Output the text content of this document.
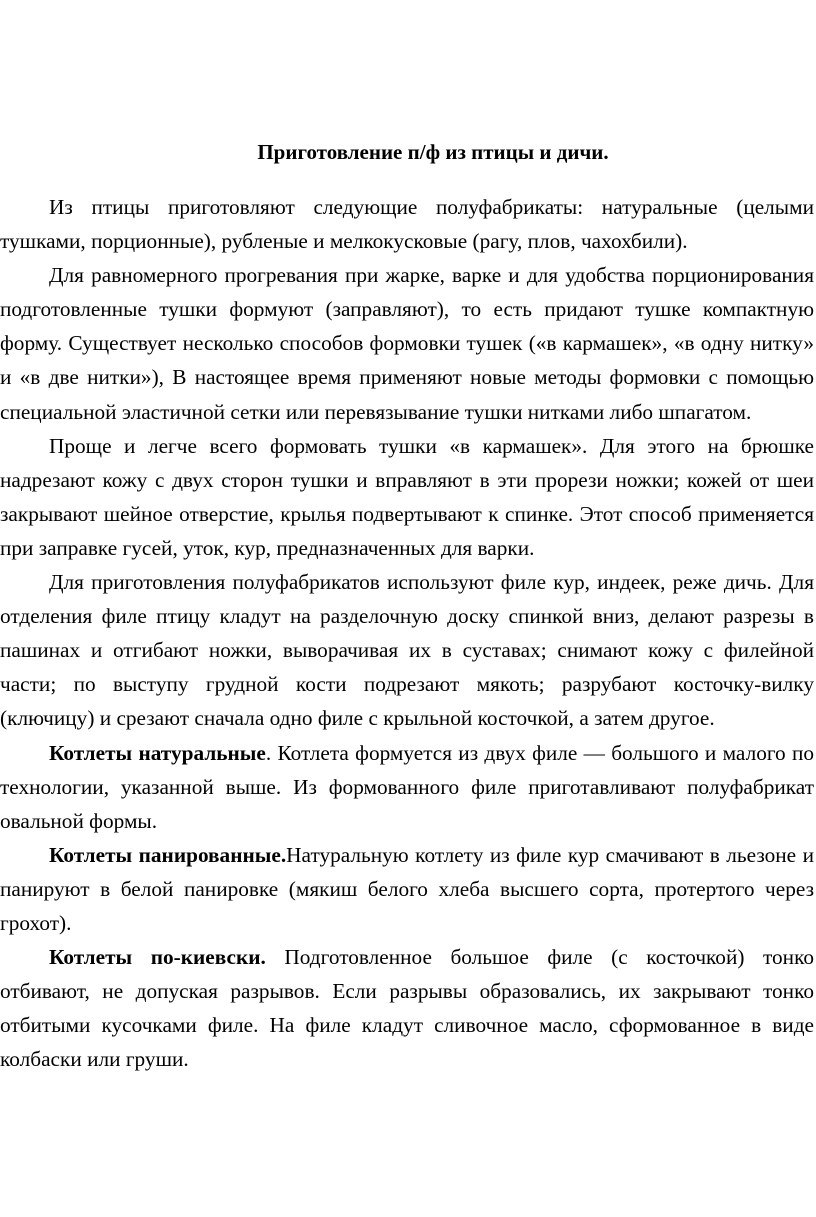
Приготовление п/ф из птицы и дичи.

Из птицы приготовляют следующие полуфабрикаты: натуральные (целыми тушками, порционные), рубленые и мелкокусковые (рагу, плов, чахохбили).

Для равномерного прогревания при жарке, варке и для удобства порционирования подготовленные тушки формуют (заправляют), то есть придают тушке компактную форму. Существует несколько способов формовки тушек («в кармашек», «в одну нитку» и «в две нитки»), В настоящее время применяют новые методы формовки с помощью специальной эластичной сетки или перевязывание тушки нитками либо шпагатом.

Проще и легче всего формовать тушки «в кармашек». Для этого на брюшке надрезают кожу с двух сторон тушки и вправляют в эти прорези ножки; кожей от шеи закрывают шейное отверстие, крылья подвертывают к спинке. Этот способ применяется при заправке гусей, уток, кур, предназначенных для варки.

Для приготовления полуфабрикатов используют филе кур, индеек, реже дичь. Для отделения филе птицу кладут на разделочную доску спинкой вниз, делают разрезы в пашинах и отгибают ножки, выворачивая их в суставах; снимают кожу с филейной части; по выступу грудной кости подрезают мякоть; разрубают косточку-вилку (ключицу) и срезают сначала одно филе с крыльной косточкой, а затем другое.

Котлеты натуральные. Котлета формуется из двух филе — большого и малого по технологии, указанной выше. Из формованного филе приготавливают полуфабрикат овальной формы.

Котлеты панированные.Натуральную котлету из филе кур смачивают в льезоне и панируют в белой панировке (мякиш белого хлеба высшего сорта, протертого через грохот).

Котлеты по-киевски. Подготовленное большое филе (с косточкой) тонко отбивают, не допуская разрывов. Если разрывы образовались, их закрывают тонко отбитыми кусочками филе. На филе кладут сливочное масло, сформованное в виде колбаски или груши.
